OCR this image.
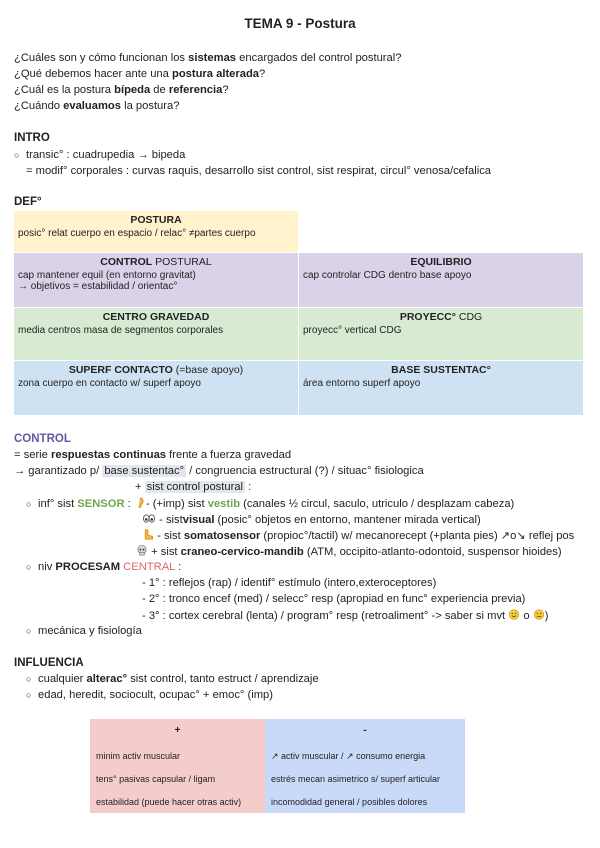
TEMA 9 - Postura
¿Cuáles son y cómo funcionan los sistemas encargados del control postural?
¿Qué debemos hacer ante una postura alterada?
¿Cuál es la postura bípeda de referencia?
¿Cuándo evaluamos la postura?
INTRO
○ transic° : cuadrupedia → bipeda
= modif° corporales : curvas raquis, desarrollo sist control, sist respirat, circul° venosa/cefalica
DEF°
POSTURA
posic° relat cuerpo en espacio / relac° ≠partes cuerpo
CONTROL POSTURAL
cap mantener equil (en entorno gravitat)
→ objetivos = estabilidad / orientac°
EQUILIBRIO
cap controlar CDG dentro base apoyo
CENTRO GRAVEDAD
media centros masa de segmentos corporales
PROYECC° CDG
proyecc° vertical CDG
SUPERF CONTACTO (=base apoyo)
zona cuerpo en contacto w/ superf apoyo
BASE SUSTENTAC°
área entorno superf apoyo
CONTROL
= serie respuestas continuas frente a fuerza gravedad
→ garantizado p/ base sustentac° / congruencia estructural (?) / situac° fisiologica
+ sist control postural :
○ inf° sist SENSOR : - (+imp) sist vestib (canales ½ circul, saculo, utriculo / desplazam cabeza)
- sistvisual (posic° objetos en entorno, mantener mirada vertical)
- sist somatosensor (propioc°/tactil) w/ mecanorecept (+planta pies) ↗o↘ reflej pos
+ sist craneo-cervico-mandib (ATM, occipito-atlanto-odontoid, suspensor hioides)
○ niv PROCESAM CENTRAL :
- 1° : reflejos (rap) / identif° estímulo (intero,exteroceptores)
- 2° : tronco encef (med) / selecc° resp (apropiad en func° experiencia previa)
- 3° : cortex cerebral (lenta) / program° resp (retroaliment° -> saber si mvt  o )
○ mecánica y fisiología
INFLUENCIA
○ cualquier alterac° sist control, tanto estruct / aprendizaje
○ edad, heredit, sociocult, ocupac° + emoc° (imp)
+
minim activ muscular
tens° pasivas capsular / ligam
estabilidad (puede hacer otras activ)
-
↗ activ muscular / ↗ consumo energia
estrés mecan asimetrico s/ superf articular
incomodidad general / posibles dolores
